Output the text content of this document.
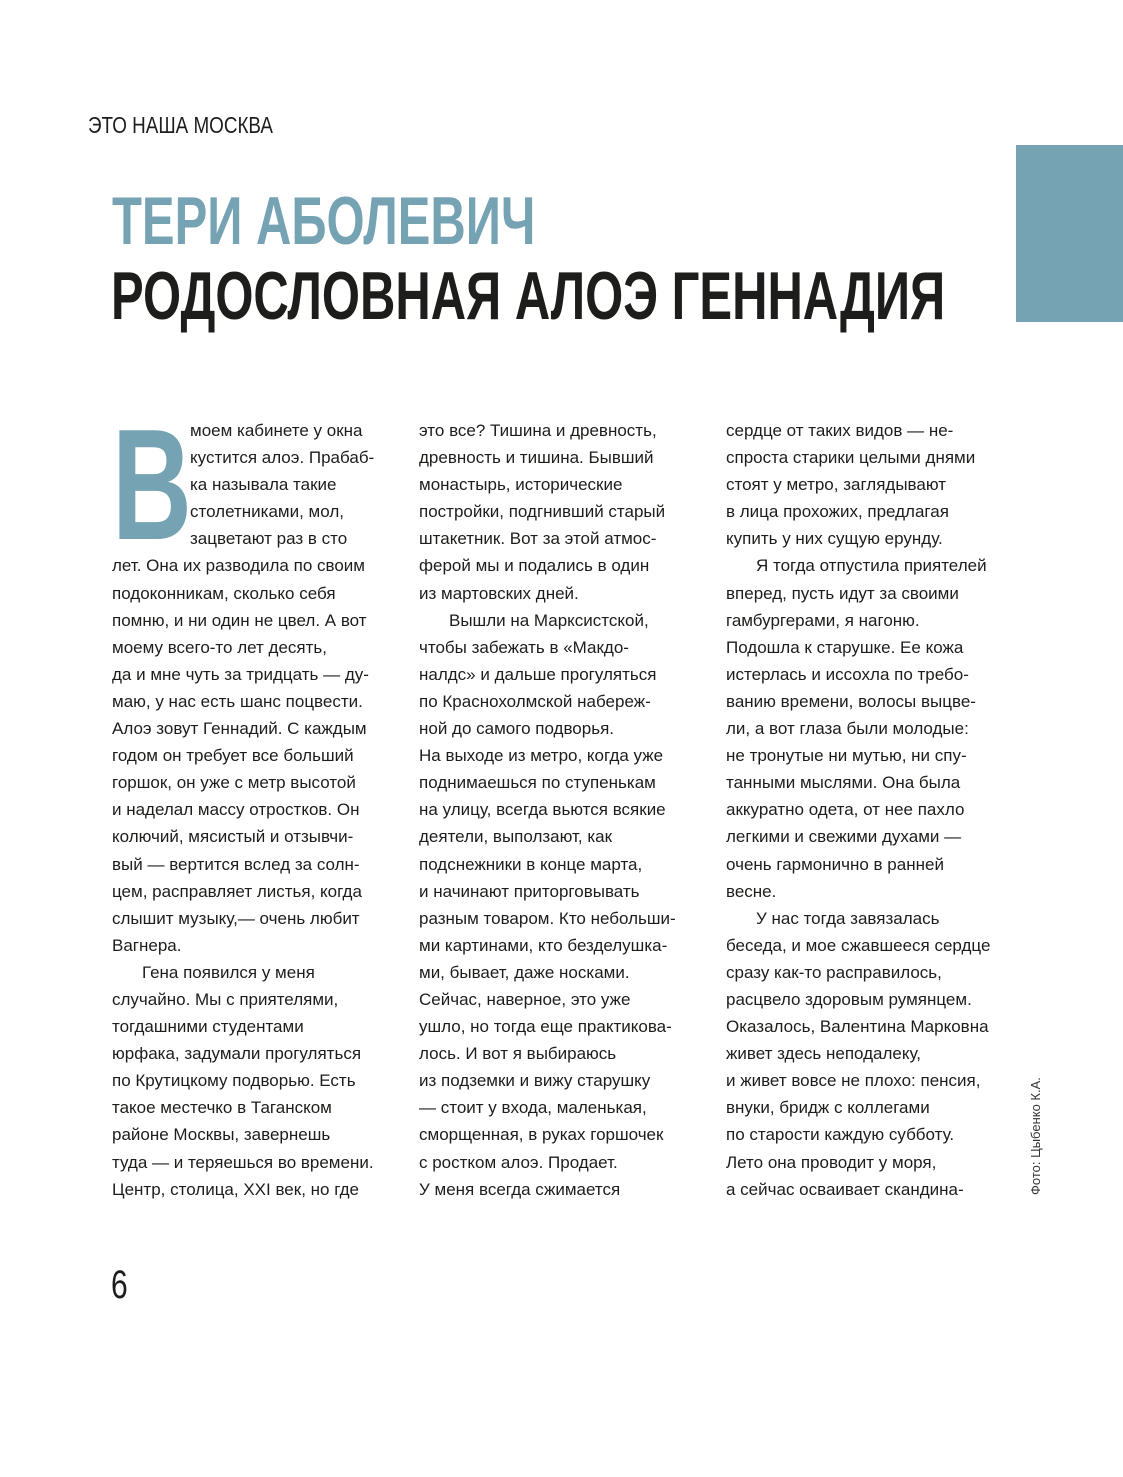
ЭТО НАША МОСКВА
ТЕРИ АБОЛЕВИЧ
РОДОСЛОВНАЯ АЛОЭ ГЕННАДИЯ
В
моем кабинете у окна
кустится алоэ. Прабаб-
ка называла такие
столетниками, мол,
зацветают раз в сто
лет. Она их разводила по своим
подоконникам, сколько себя
помню, и ни один не цвел. А вот
моему всего-то лет десять,
да и мне чуть за тридцать — ду-
маю, у нас есть шанс поцвести.
Алоэ зовут Геннадий. С каждым
годом он требует все больший
горшок, он уже с метр высотой
и наделал массу отростков. Он
колючий, мясистый и отзывчи-
вый — вертится вслед за солн-
цем, расправляет листья, когда
слышит музыку,— очень любит
Вагнера.
Гена появился у меня
случайно. Мы с приятелями,
тогдашними студентами
юрфака, задумали прогуляться
по Крутицкому подворью. Есть
такое местечко в Таганском
районе Москвы, завернешь
туда — и теряешься во времени.
Центр, столица, XXI век, но где
это все? Тишина и древность,
древность и тишина. Бывший
монастырь, исторические
постройки, подгнивший старый
штакетник. Вот за этой атмос-
ферой мы и подались в один
из мартовских дней.
Вышли на Марксистской,
чтобы забежать в «Макдо-
налдс» и дальше прогуляться
по Краснохолмской набереж-
ной до самого подворья.
На выходе из метро, когда уже
поднимаешься по ступенькам
на улицу, всегда вьются всякие
деятели, выползают, как
подснежники в конце марта,
и начинают приторговывать
разным товаром. Кто небольши-
ми картинами, кто безделушка-
ми, бывает, даже носками.
Сейчас, наверное, это уже
ушло, но тогда еще практикова-
лось. И вот я выбираюсь
из подземки и вижу старушку
— стоит у входа, маленькая,
сморщенная, в руках горшочек
с ростком алоэ. Продает.
У меня всегда сжимается
сердце от таких видов — не-
спроста старики целыми днями
стоят у метро, заглядывают
в лица прохожих, предлагая
купить у них сущую ерунду.
Я тогда отпустила приятелей
вперед, пусть идут за своими
гамбургерами, я нагоню.
Подошла к старушке. Ее кожа
истерлась и иссохла по требо-
ванию времени, волосы выцве-
ли, а вот глаза были молодые:
не тронутые ни мутью, ни спу-
танными мыслями. Она была
аккуратно одета, от нее пахло
легкими и свежими духами —
очень гармонично в ранней
весне.
У нас тогда завязалась
беседа, и мое сжавшееся сердце
сразу как-то расправилось,
расцвело здоровым румянцем.
Оказалось, Валентина Марковна
живет здесь неподалеку,
и живет вовсе не плохо: пенсия,
внуки, бридж с коллегами
по старости каждую субботу.
Лето она проводит у моря,
а сейчас осваивает скандина-
6
Фото: Цыбенко К.А.
